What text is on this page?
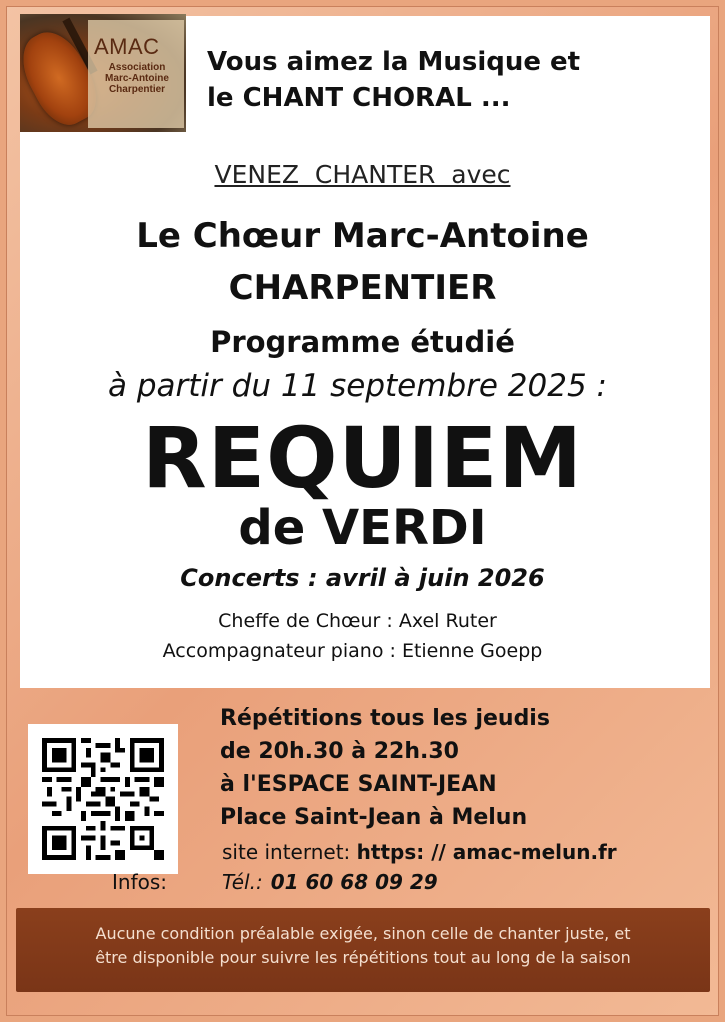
AMAC
Association
Marc-Antoine
Charpentier
Vous aimez la Musique et
le CHANT CHORAL ...
VENEZ  CHANTER  avec
Le Chœur Marc-Antoine
CHARPENTIER
Programme étudié
à partir du 11 septembre 2025 :
REQUIEM
de VERDI
Concerts : avril à juin 2026
Cheffe de Chœur : Axel Ruter
Accompagnateur piano : Etienne Goepp
Répétitions tous les jeudis
de 20h.30 à 22h.30
à l'ESPACE SAINT-JEAN
Place Saint-Jean à Melun
site internet: https: // amac-melun.fr
Infos:	Tél.: 01 60 68 09 29
Aucune condition préalable exigée, sinon celle de chanter juste, et
être disponible pour suivre les répétitions tout au long de la saison
